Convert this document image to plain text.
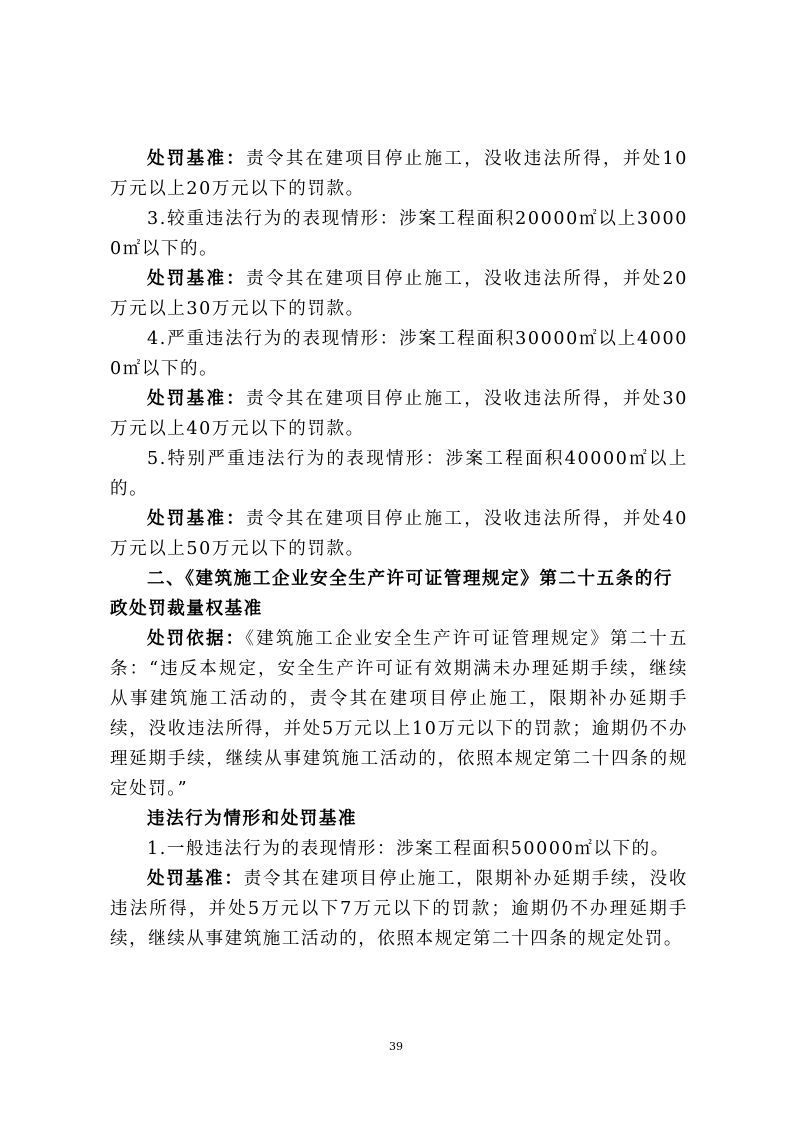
处罚基准：责令其在建项目停止施工，没收违法所得，并处10万元以上20万元以下的罚款。

3.较重违法行为的表现情形：涉案工程面积20000㎡以上30000㎡以下的。

处罚基准：责令其在建项目停止施工，没收违法所得，并处20万元以上30万元以下的罚款。

4.严重违法行为的表现情形：涉案工程面积30000㎡以上40000㎡以下的。

处罚基准：责令其在建项目停止施工，没收违法所得，并处30万元以上40万元以下的罚款。

5.特别严重违法行为的表现情形：涉案工程面积40000㎡以上的。

处罚基准：责令其在建项目停止施工，没收违法所得，并处40万元以上50万元以下的罚款。

二、《建筑施工企业安全生产许可证管理规定》第二十五条的行政处罚裁量权基准

处罚依据：《建筑施工企业安全生产许可证管理规定》第二十五条：“违反本规定，安全生产许可证有效期满未办理延期手续，继续从事建筑施工活动的，责令其在建项目停止施工，限期补办延期手续，没收违法所得，并处5万元以上10万元以下的罚款；逾期仍不办理延期手续，继续从事建筑施工活动的，依照本规定第二十四条的规定处罚。”

违法行为情形和处罚基准

1.一般违法行为的表现情形：涉案工程面积50000㎡以下的。

处罚基准：责令其在建项目停止施工，限期补办延期手续，没收违法所得，并处5万元以下7万元以下的罚款；逾期仍不办理延期手续，继续从事建筑施工活动的，依照本规定第二十四条的规定处罚。

39
